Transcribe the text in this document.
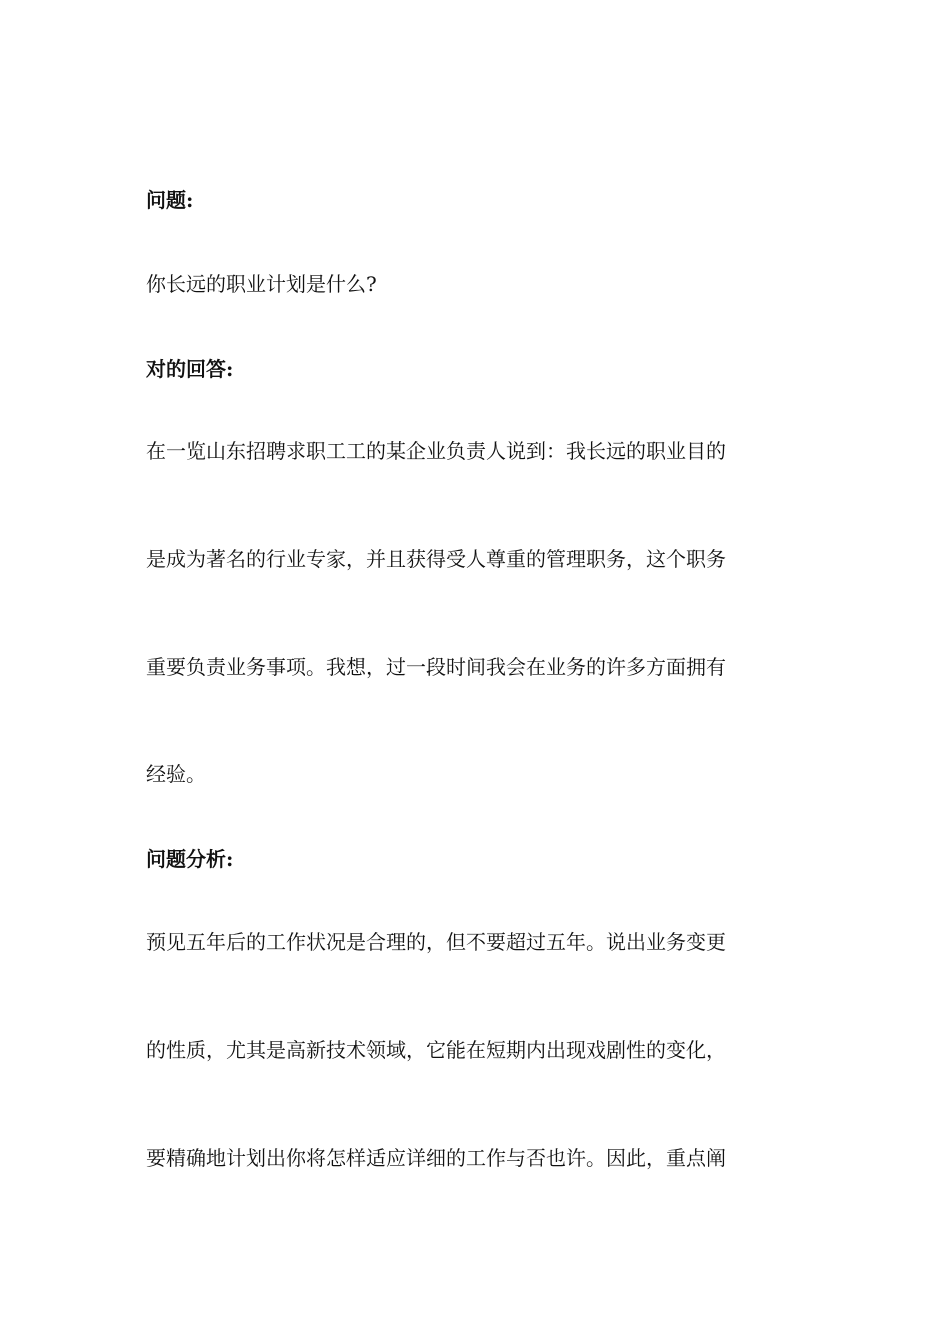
问题:
你长远的职业计划是什么?
对的回答:
在一览山东招聘求职工工的某企业负责人说到：我长远的职业目的
是成为著名的行业专家，并且获得受人尊重的管理职务，这个职务
重要负责业务事项。我想，过一段时间我会在业务的许多方面拥有
经验。
问题分析:
预见五年后的工作状况是合理的，但不要超过五年。说出业务变更
的性质，尤其是高新技术领域，它能在短期内出现戏剧性的变化，
要精确地计划出你将怎样适应详细的工作与否也许。因此，重点阐
